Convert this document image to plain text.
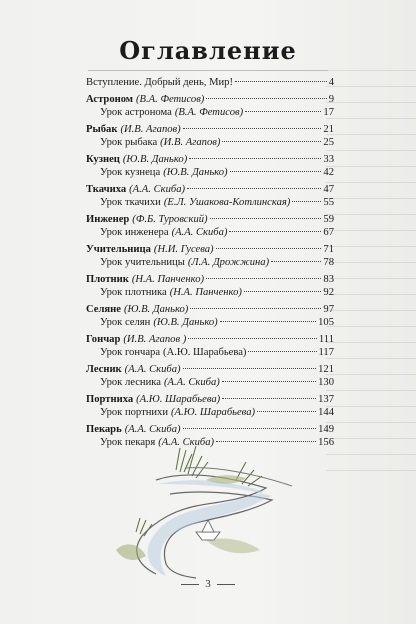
Оглавление
Вступление. Добрый день, Мир!	4
Астроном (В.А. Фетисов)	9
Урок астронома (В.А. Фетисов)	17
Рыбак (И.В. Агапов)	21
Урок рыбака (И.В. Агапов)	25
Кузнец (Ю.В. Данько)	33
Урок кузнеца (Ю.В. Данько)	42
Ткачиха (А.А. Скиба)	47
Урок ткачихи (Е.Л. Ушакова-Котлинская)	55
Инженер (Ф.Б. Туровский)	59
Урок инженера (А.А. Скиба)	67
Учительница (Н.И. Гусева)	71
Урок учительницы (Л.А. Дрожжина)	78
Плотник (Н.А. Панченко)	83
Урок плотника (Н.А. Панченко)	92
Селяне (Ю.В. Данько)	97
Урок селян (Ю.В. Данько)	105
Гончар (И.В. Агапов )	111
Урок гончара (А.Ю. Шарабьева)	117
Лесник (А.А. Скиба)	121
Урок лесника (А.А. Скиба)	130
Портниха (А.Ю. Шарабьева)	137
Урок портнихи (А.Ю. Шарабьева)	144
Пекарь (А.А. Скиба)	149
Урок пекаря (А.А. Скиба)	156
3
